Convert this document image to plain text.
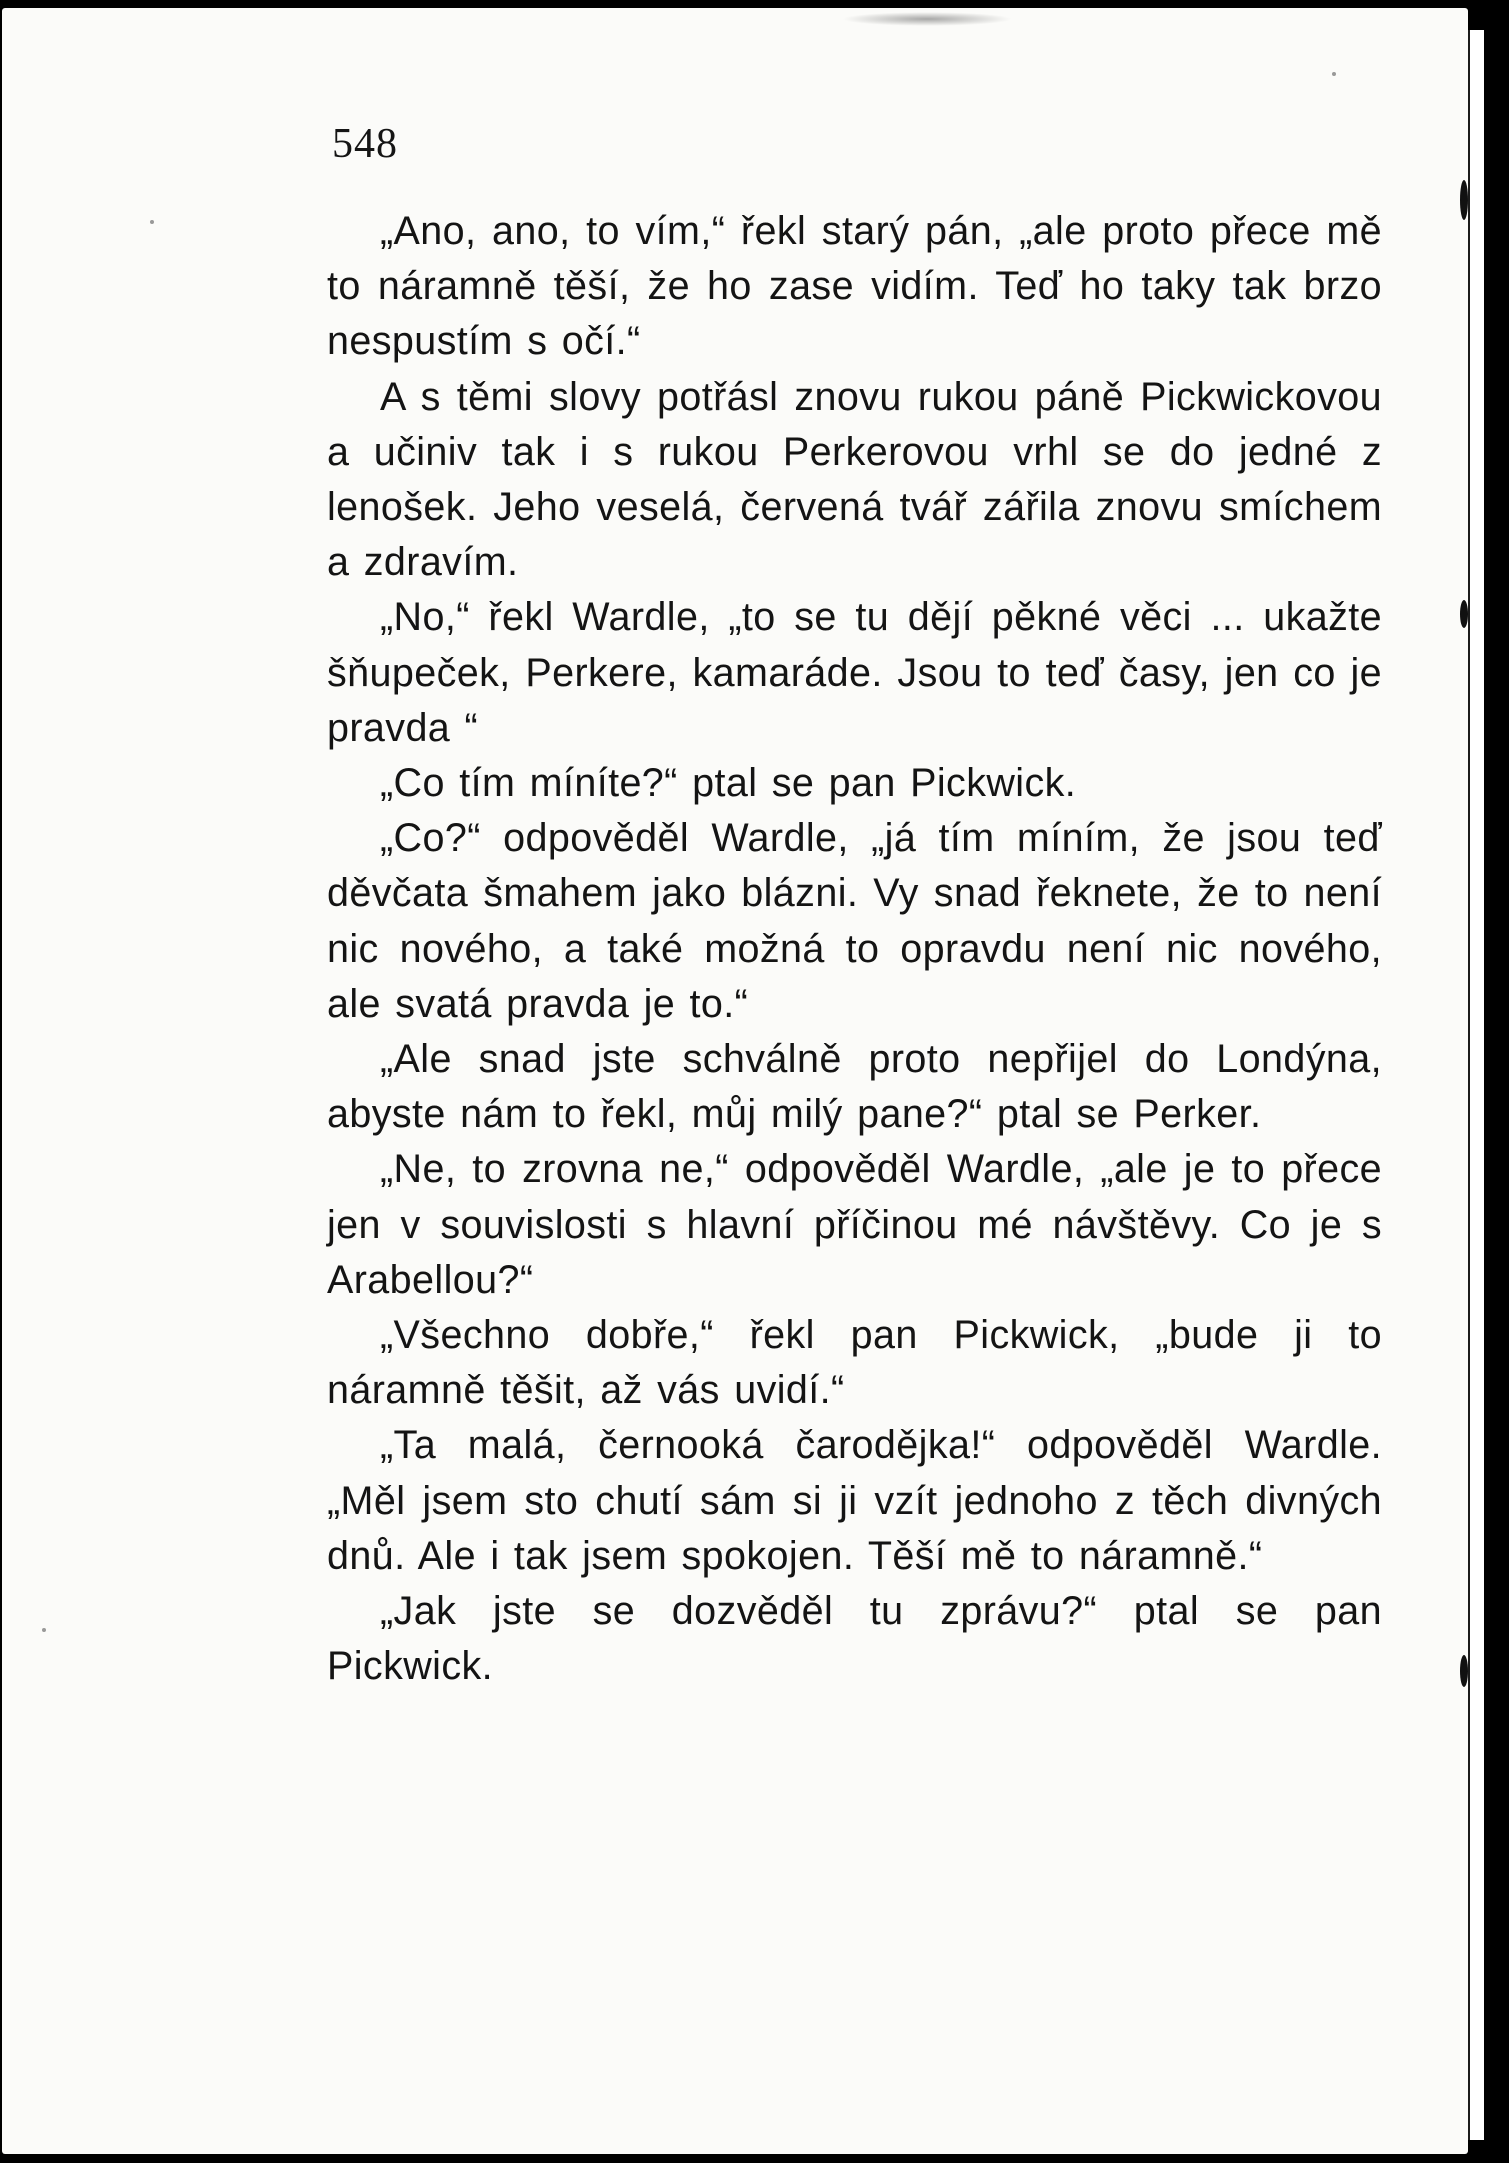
548

„Ano, ano, to vím,“ řekl starý pán, „ale proto přece mě to náramně těší, že ho zase vidím. Teď ho taky tak brzo nespustím s očí.“

A s těmi slovy potřásl znovu rukou páně Pickwickovou a učiniv tak i s rukou Perkerovou vrhl se do jedné z lenošek. Jeho veselá, červená tvář zářila znovu smíchem a zdravím.

„No,“ řekl Wardle, „to se tu dějí pěkné věci ... ukažte šňupeček, Perkere, kamaráde. Jsou to teď časy, jen co je pravda “

„Co tím míníte?“ ptal se pan Pickwick.

„Co?“ odpověděl Wardle, „já tím míním, že jsou teď děvčata šmahem jako blázni. Vy snad řeknete, že to není nic nového, a také možná to opravdu není nic nového, ale svatá pravda je to.“

„Ale snad jste schválně proto nepřijel do Londýna, abyste nám to řekl, můj milý pane?“ ptal se Perker.

„Ne, to zrovna ne,“ odpověděl Wardle, „ale je to přece jen v souvislosti s hlavní příčinou mé návštěvy. Co je s Arabellou?“

„Všechno dobře,“ řekl pan Pickwick, „bude ji to náramně těšit, až vás uvidí.“

„Ta malá, černooká čarodějka!“ odpověděl Wardle. „Měl jsem sto chutí sám si ji vzít jednoho z těch divných dnů. Ale i tak jsem spokojen. Těší mě to náramně.“

„Jak jste se dozvěděl tu zprávu?“ ptal se pan Pickwick.
